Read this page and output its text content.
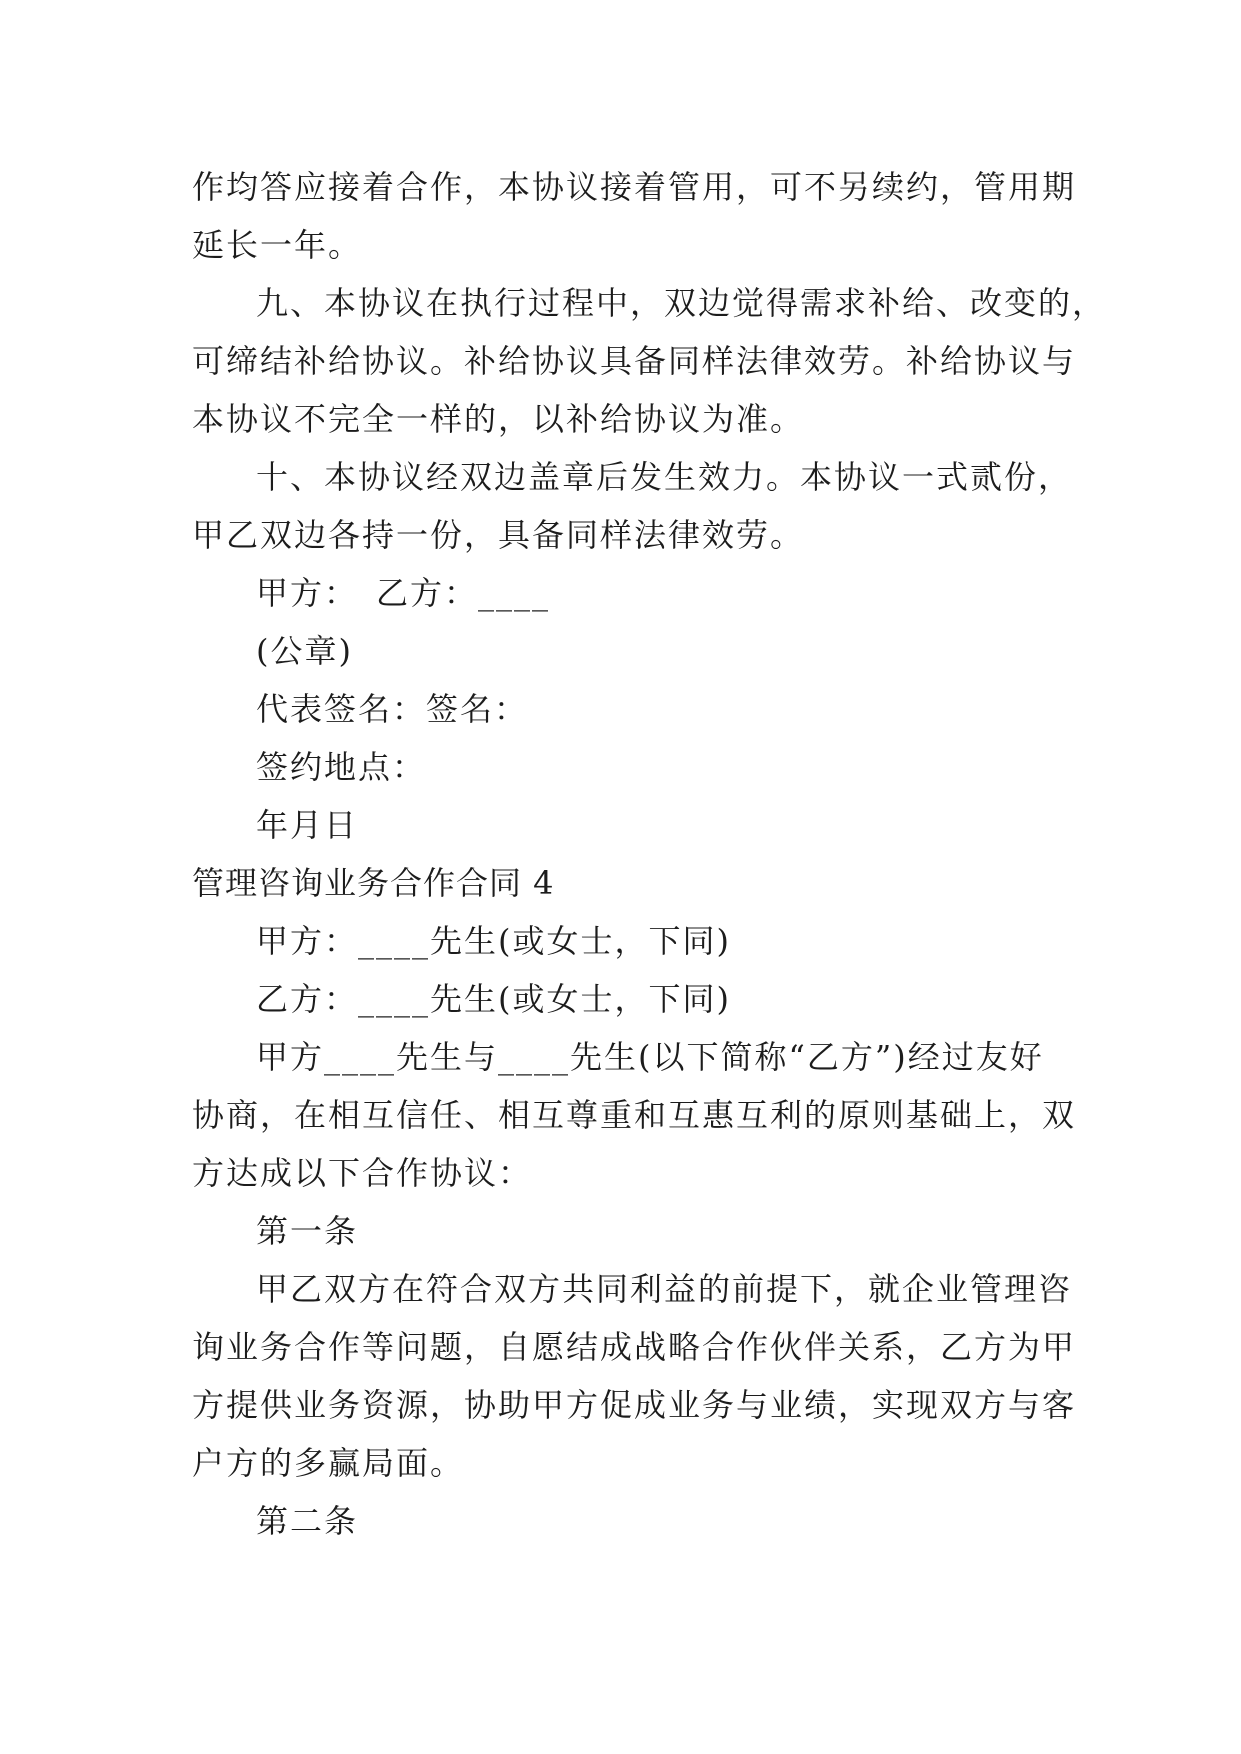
作均答应接着合作，本协议接着管用，可不另续约，管用期
延长一年。

九、本协议在执行过程中，双边觉得需求补给、改变的，
可缔结补给协议。补给协议具备同样法律效劳。补给协议与
本协议不完全一样的，以补给协议为准。

十、本协议经双边盖章后发生效力。本协议一式贰份，
甲乙双边各持一份，具备同样法律效劳。

甲方：　乙方：____

(公章)

代表签名：签名：

签约地点：

年月日

管理咨询业务合作合同 4

甲方：____先生(或女士，下同)

乙方：____先生(或女士，下同)

甲方____先生与____先生(以下简称“乙方”)经过友好
协商，在相互信任、相互尊重和互惠互利的原则基础上，双
方达成以下合作协议：

第一条

甲乙双方在符合双方共同利益的前提下，就企业管理咨
询业务合作等问题，自愿结成战略合作伙伴关系，乙方为甲
方提供业务资源，协助甲方促成业务与业绩，实现双方与客
户方的多赢局面。

第二条
